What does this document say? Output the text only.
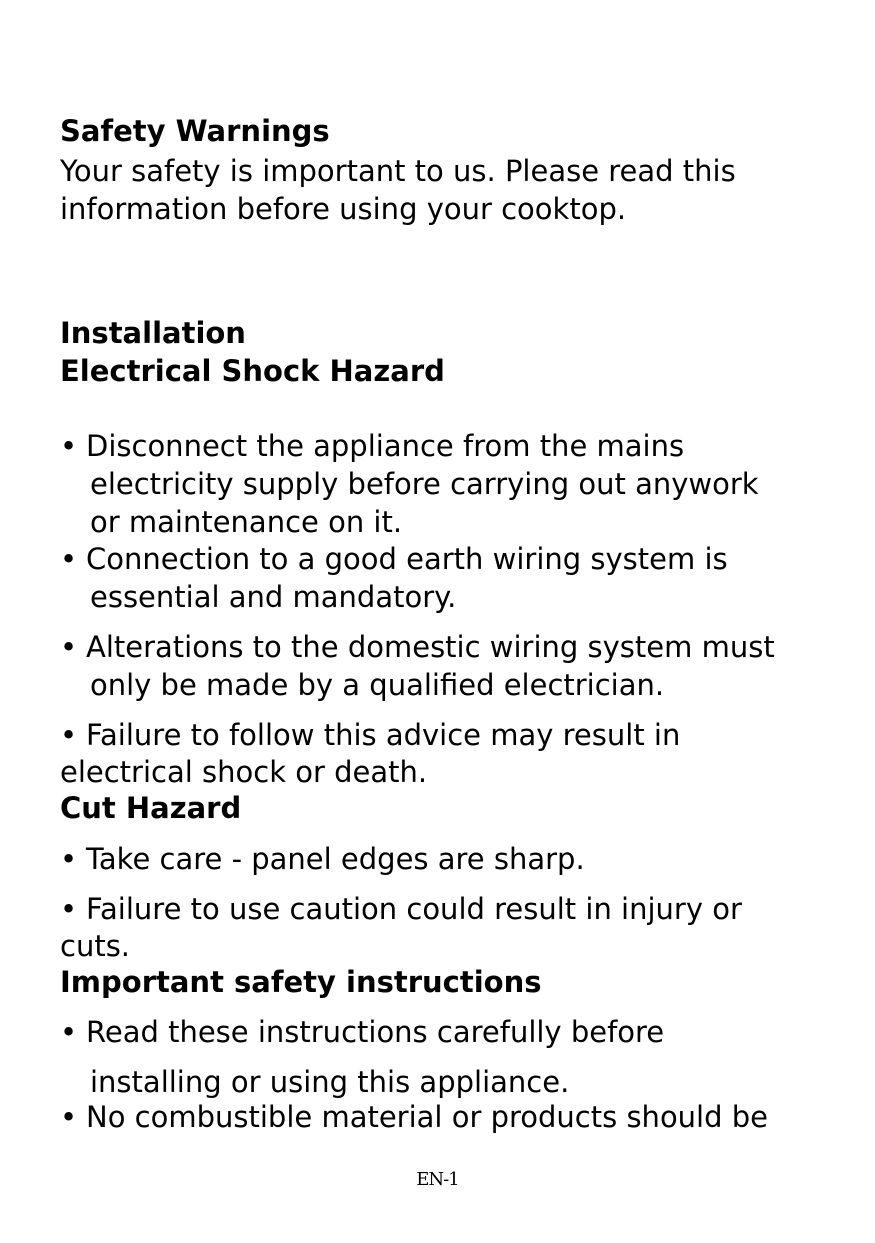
Safety Warnings
Your safety is important to us. Please read this
information before using your cooktop.
Installation
Electrical Shock Hazard
• Disconnect the appliance from the mains
electricity supply before carrying out anywork
or maintenance on it.
• Connection to a good earth wiring system is
essential and mandatory.
• Alterations to the domestic wiring system must
only be made by a qualified electrician.
• Failure to follow this advice may result in
electrical shock or death.
Cut Hazard
• Take care - panel edges are sharp.
• Failure to use caution could result in injury or
cuts.
Important safety instructions
• Read these instructions carefully before
installing or using this appliance.
• No combustible material or products should be
EN-1
